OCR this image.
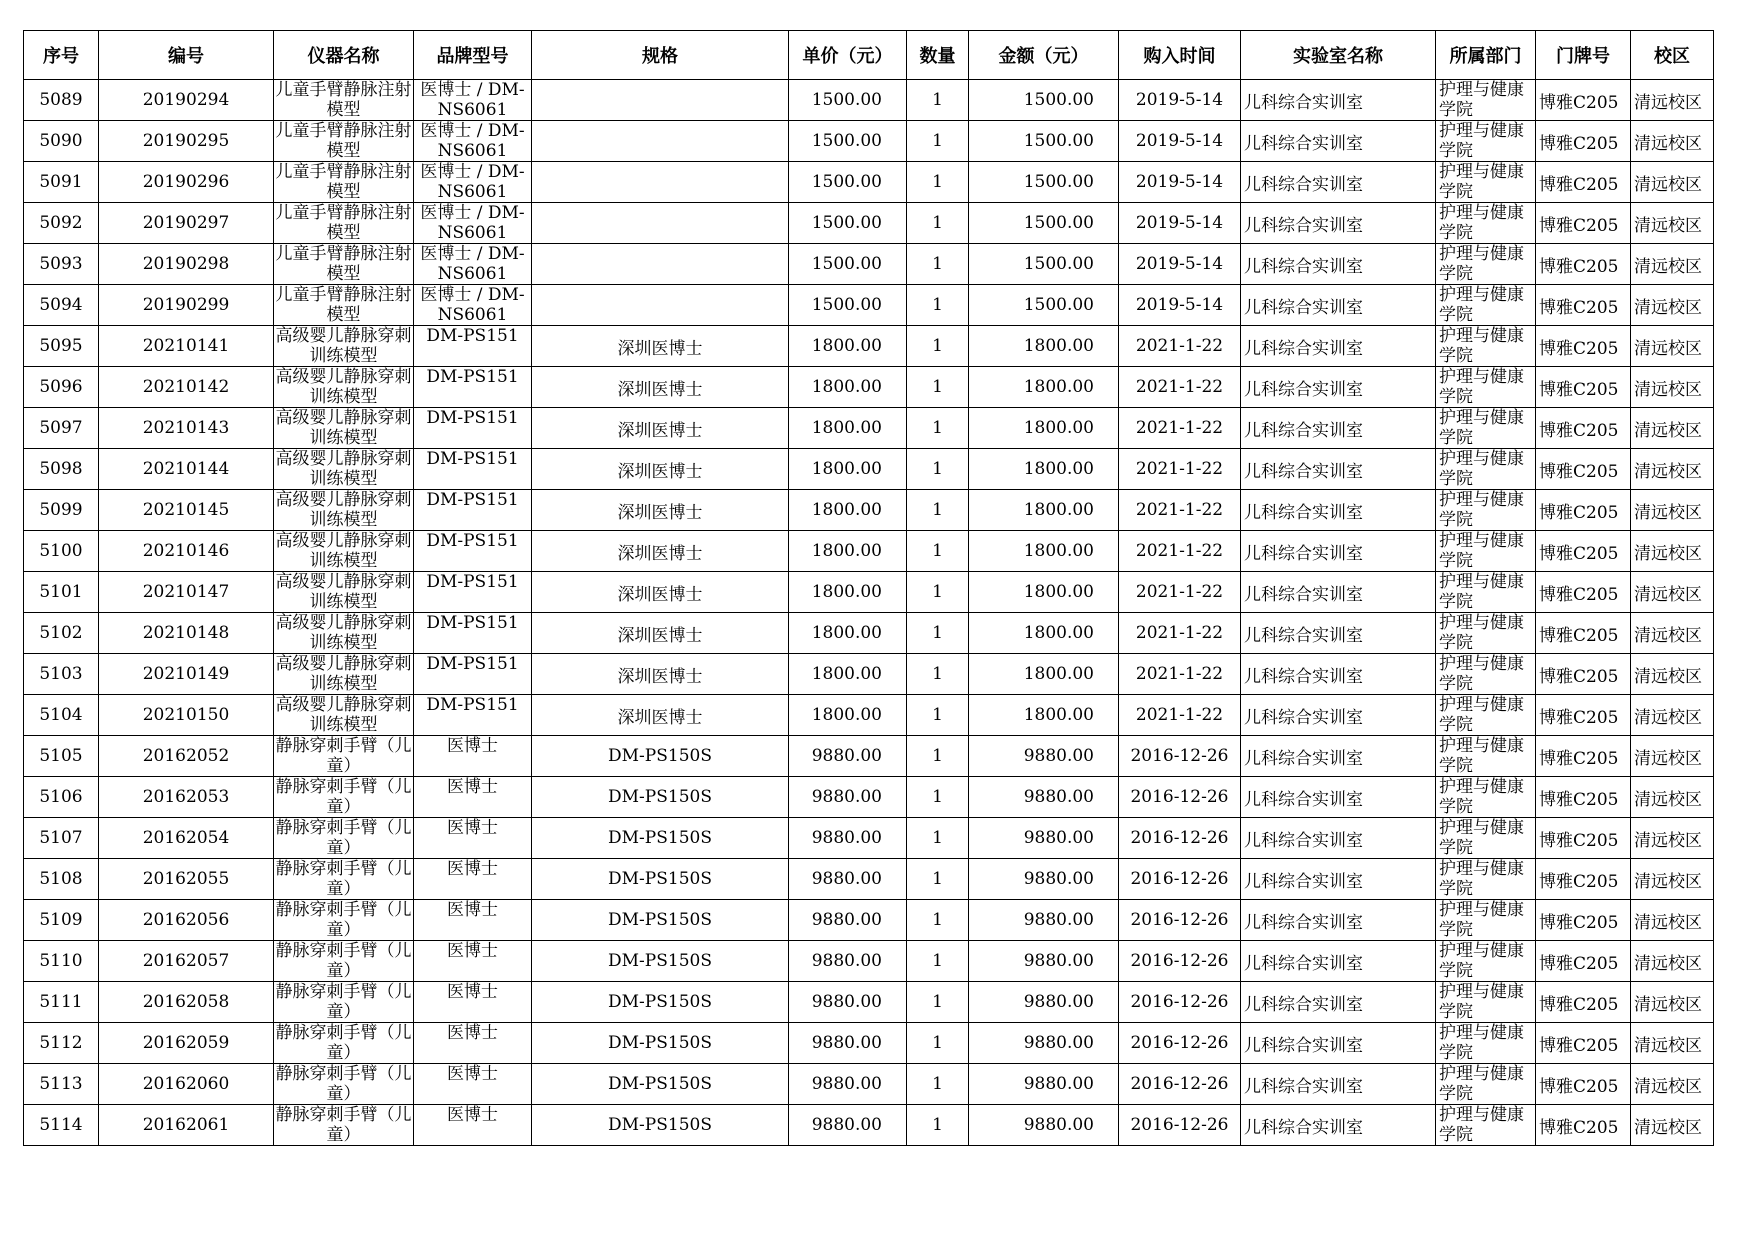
序号	编号	仪器名称	品牌型号	规格	单价（元）	数量	金额（元）	购入时间	实验室名称	所属部门	门牌号	校区
5089	20190294	儿童手臂静脉注射模型	医博士 / DM-NS6061		1500.00	1	1500.00	2019-5-14	儿科综合实训室	护理与健康学院	博雅C205	清远校区
5090	20190295	儿童手臂静脉注射模型	医博士 / DM-NS6061		1500.00	1	1500.00	2019-5-14	儿科综合实训室	护理与健康学院	博雅C205	清远校区
5091	20190296	儿童手臂静脉注射模型	医博士 / DM-NS6061		1500.00	1	1500.00	2019-5-14	儿科综合实训室	护理与健康学院	博雅C205	清远校区
5092	20190297	儿童手臂静脉注射模型	医博士 / DM-NS6061		1500.00	1	1500.00	2019-5-14	儿科综合实训室	护理与健康学院	博雅C205	清远校区
5093	20190298	儿童手臂静脉注射模型	医博士 / DM-NS6061		1500.00	1	1500.00	2019-5-14	儿科综合实训室	护理与健康学院	博雅C205	清远校区
5094	20190299	儿童手臂静脉注射模型	医博士 / DM-NS6061		1500.00	1	1500.00	2019-5-14	儿科综合实训室	护理与健康学院	博雅C205	清远校区
5095	20210141	高级婴儿静脉穿刺训练模型	DM-PS151	深圳医博士	1800.00	1	1800.00	2021-1-22	儿科综合实训室	护理与健康学院	博雅C205	清远校区
5096	20210142	高级婴儿静脉穿刺训练模型	DM-PS151	深圳医博士	1800.00	1	1800.00	2021-1-22	儿科综合实训室	护理与健康学院	博雅C205	清远校区
5097	20210143	高级婴儿静脉穿刺训练模型	DM-PS151	深圳医博士	1800.00	1	1800.00	2021-1-22	儿科综合实训室	护理与健康学院	博雅C205	清远校区
5098	20210144	高级婴儿静脉穿刺训练模型	DM-PS151	深圳医博士	1800.00	1	1800.00	2021-1-22	儿科综合实训室	护理与健康学院	博雅C205	清远校区
5099	20210145	高级婴儿静脉穿刺训练模型	DM-PS151	深圳医博士	1800.00	1	1800.00	2021-1-22	儿科综合实训室	护理与健康学院	博雅C205	清远校区
5100	20210146	高级婴儿静脉穿刺训练模型	DM-PS151	深圳医博士	1800.00	1	1800.00	2021-1-22	儿科综合实训室	护理与健康学院	博雅C205	清远校区
5101	20210147	高级婴儿静脉穿刺训练模型	DM-PS151	深圳医博士	1800.00	1	1800.00	2021-1-22	儿科综合实训室	护理与健康学院	博雅C205	清远校区
5102	20210148	高级婴儿静脉穿刺训练模型	DM-PS151	深圳医博士	1800.00	1	1800.00	2021-1-22	儿科综合实训室	护理与健康学院	博雅C205	清远校区
5103	20210149	高级婴儿静脉穿刺训练模型	DM-PS151	深圳医博士	1800.00	1	1800.00	2021-1-22	儿科综合实训室	护理与健康学院	博雅C205	清远校区
5104	20210150	高级婴儿静脉穿刺训练模型	DM-PS151	深圳医博士	1800.00	1	1800.00	2021-1-22	儿科综合实训室	护理与健康学院	博雅C205	清远校区
5105	20162052	静脉穿刺手臂（儿童）	医博士	DM-PS150S	9880.00	1	9880.00	2016-12-26	儿科综合实训室	护理与健康学院	博雅C205	清远校区
5106	20162053	静脉穿刺手臂（儿童）	医博士	DM-PS150S	9880.00	1	9880.00	2016-12-26	儿科综合实训室	护理与健康学院	博雅C205	清远校区
5107	20162054	静脉穿刺手臂（儿童）	医博士	DM-PS150S	9880.00	1	9880.00	2016-12-26	儿科综合实训室	护理与健康学院	博雅C205	清远校区
5108	20162055	静脉穿刺手臂（儿童）	医博士	DM-PS150S	9880.00	1	9880.00	2016-12-26	儿科综合实训室	护理与健康学院	博雅C205	清远校区
5109	20162056	静脉穿刺手臂（儿童）	医博士	DM-PS150S	9880.00	1	9880.00	2016-12-26	儿科综合实训室	护理与健康学院	博雅C205	清远校区
5110	20162057	静脉穿刺手臂（儿童）	医博士	DM-PS150S	9880.00	1	9880.00	2016-12-26	儿科综合实训室	护理与健康学院	博雅C205	清远校区
5111	20162058	静脉穿刺手臂（儿童）	医博士	DM-PS150S	9880.00	1	9880.00	2016-12-26	儿科综合实训室	护理与健康学院	博雅C205	清远校区
5112	20162059	静脉穿刺手臂（儿童）	医博士	DM-PS150S	9880.00	1	9880.00	2016-12-26	儿科综合实训室	护理与健康学院	博雅C205	清远校区
5113	20162060	静脉穿刺手臂（儿童）	医博士	DM-PS150S	9880.00	1	9880.00	2016-12-26	儿科综合实训室	护理与健康学院	博雅C205	清远校区
5114	20162061	静脉穿刺手臂（儿童）	医博士	DM-PS150S	9880.00	1	9880.00	2016-12-26	儿科综合实训室	护理与健康学院	博雅C205	清远校区
